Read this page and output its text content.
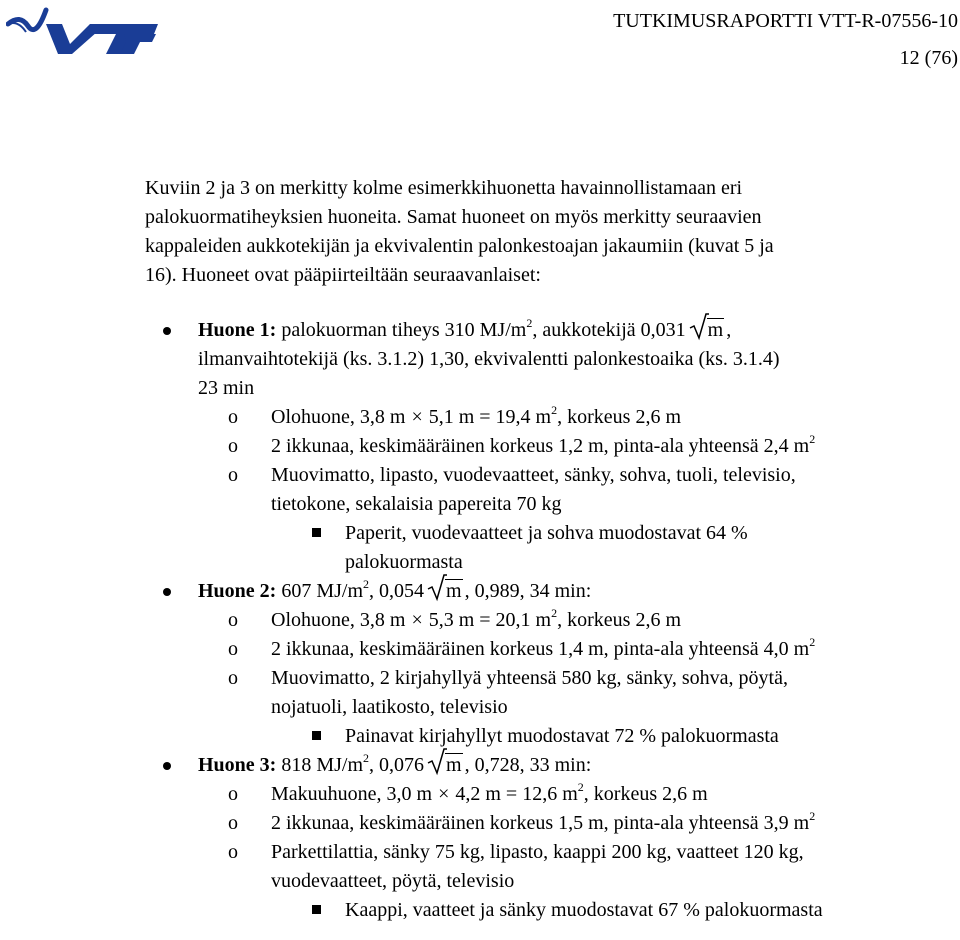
TUTKIMUSRAPORTTI VTT-R-07556-10
12 (76)
Kuviin 2 ja 3 on merkitty kolme esimerkkihuonetta havainnollistamaan eri
palokuormatiheyksien huoneita. Samat huoneet on myös merkitty seuraavien
kappaleiden aukkotekijän ja ekvivalentin palonkestoajan jakaumiin (kuvat 5 ja
16). Huoneet ovat pääpiirteiltään seuraavanlaiset:
Huone 1: palokuorman tiheys 310 $MJ/m^2$, aukkotekijä 0,031 m ,
ilmanvaihtotekijä (ks. 3.1.2) 1,30, ekvivalentti palonkestoaika (ks. 3.1.4)
23 min
o Olohuone, 3,8 m × 5,1 m = 19,4 $m^2$, korkeus 2,6 m
o 2 ikkunaa, keskimääräinen korkeus 1,2 m, pinta-ala yhteensä 2,4 $m^2$
o Muovimatto, lipasto, vuodevaatteet, sänky, sohva, tuoli, televisio,
tietokone, sekalaisia papereita 70 kg
Paperit, vuodevaatteet ja sohva muodostavat 64 %
palokuormasta
Huone 2: 607 $MJ/m^2$, 0,054 m , 0,989, 34 min:
o Olohuone, 3,8 m × 5,3 m = 20,1 $m^2$, korkeus 2,6 m
o 2 ikkunaa, keskimääräinen korkeus 1,4 m, pinta-ala yhteensä 4,0 $m^2$
o Muovimatto, 2 kirjahyllyä yhteensä 580 kg, sänky, sohva, pöytä,
nojatuoli, laatikosto, televisio
Painavat kirjahyllyt muodostavat 72 % palokuormasta
Huone 3: 818 $MJ/m^2$, 0,076 m , 0,728, 33 min:
o Makuuhuone, 3,0 m × 4,2 m = 12,6 $m^2$, korkeus 2,6 m
o 2 ikkunaa, keskimääräinen korkeus 1,5 m, pinta-ala yhteensä 3,9 $m^2$
o Parkettilattia, sänky 75 kg, lipasto, kaappi 200 kg, vaatteet 120 kg,
vuodevaatteet, pöytä, televisio
Kaappi, vaatteet ja sänky muodostavat 67 % palokuormasta
